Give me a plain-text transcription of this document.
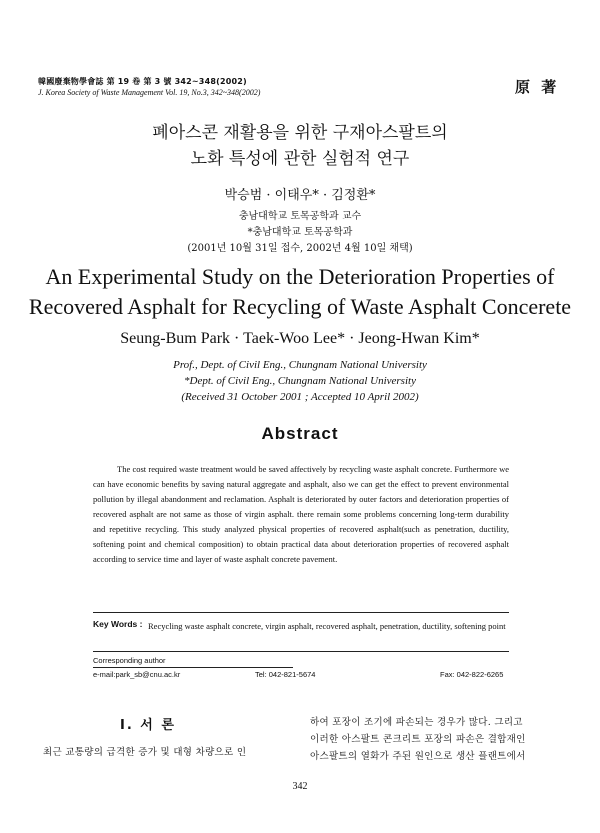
韓國廢棄物學會誌 第 19 卷 第 3 號 342~348(2002)
J. Korea Society of Waste Management Vol. 19, No.3, 342~348(2002)	原 著
폐아스콘 재활용을 위한 구재아스팔트의
노화 특성에 관한 실험적 연구
박승범 · 이태우* · 김정환*
충남대학교 토목공학과 교수
*충남대학교 토목공학과
(2001년 10월 31일 접수, 2002년 4월 10일 채택)
An Experimental Study on the Deterioration Properties of
Recovered Asphalt for Recycling of Waste Asphalt Concerete
Seung-Bum Park · Taek-Woo Lee* · Jeong-Hwan Kim*
Prof., Dept. of Civil Eng., Chungnam National University
*Dept. of Civil Eng., Chungnam National University
(Received 31 October 2001 ; Accepted 10 April 2002)
Abstract
The cost required waste treatment would be saved affectively by recycling waste asphalt concrete. Furthermore we can have economic benefits by saving natural aggregate and asphalt, also we can get the effect to prevent environmental pollution by illegal abandonment and reclamation. Asphalt is deteriorated by outer factors and deterioration properties of recovered asphalt are not same as those of virgin asphalt. there remain some problems concerning long-term durability and repetitive recycling. This study analyzed physical properties of recovered asphalt(such as penetration, ductility, softening point and chemical composition) to obtain practical data about deterioration properties of recovered asphalt according to service time and layer of waste asphalt concrete pavement.
Key Words : Recycling waste asphalt concrete, virgin asphalt, recovered asphalt, penetration, ductility, softening point
Corresponding author
e-mail:park_sb@cnu.ac.kr	Tel: 042-821-5674	Fax: 042-822-6265
Ⅰ. 서 론
최근 교통량의 급격한 증가 및 대형 차량으로 인
하여 포장이 조기에 파손되는 경우가 많다. 그리고
이러한 아스팔트 콘크리트 포장의 파손은 결합재인
아스팔트의 열화가 주된 원인으로 생산 플랜트에서
342
